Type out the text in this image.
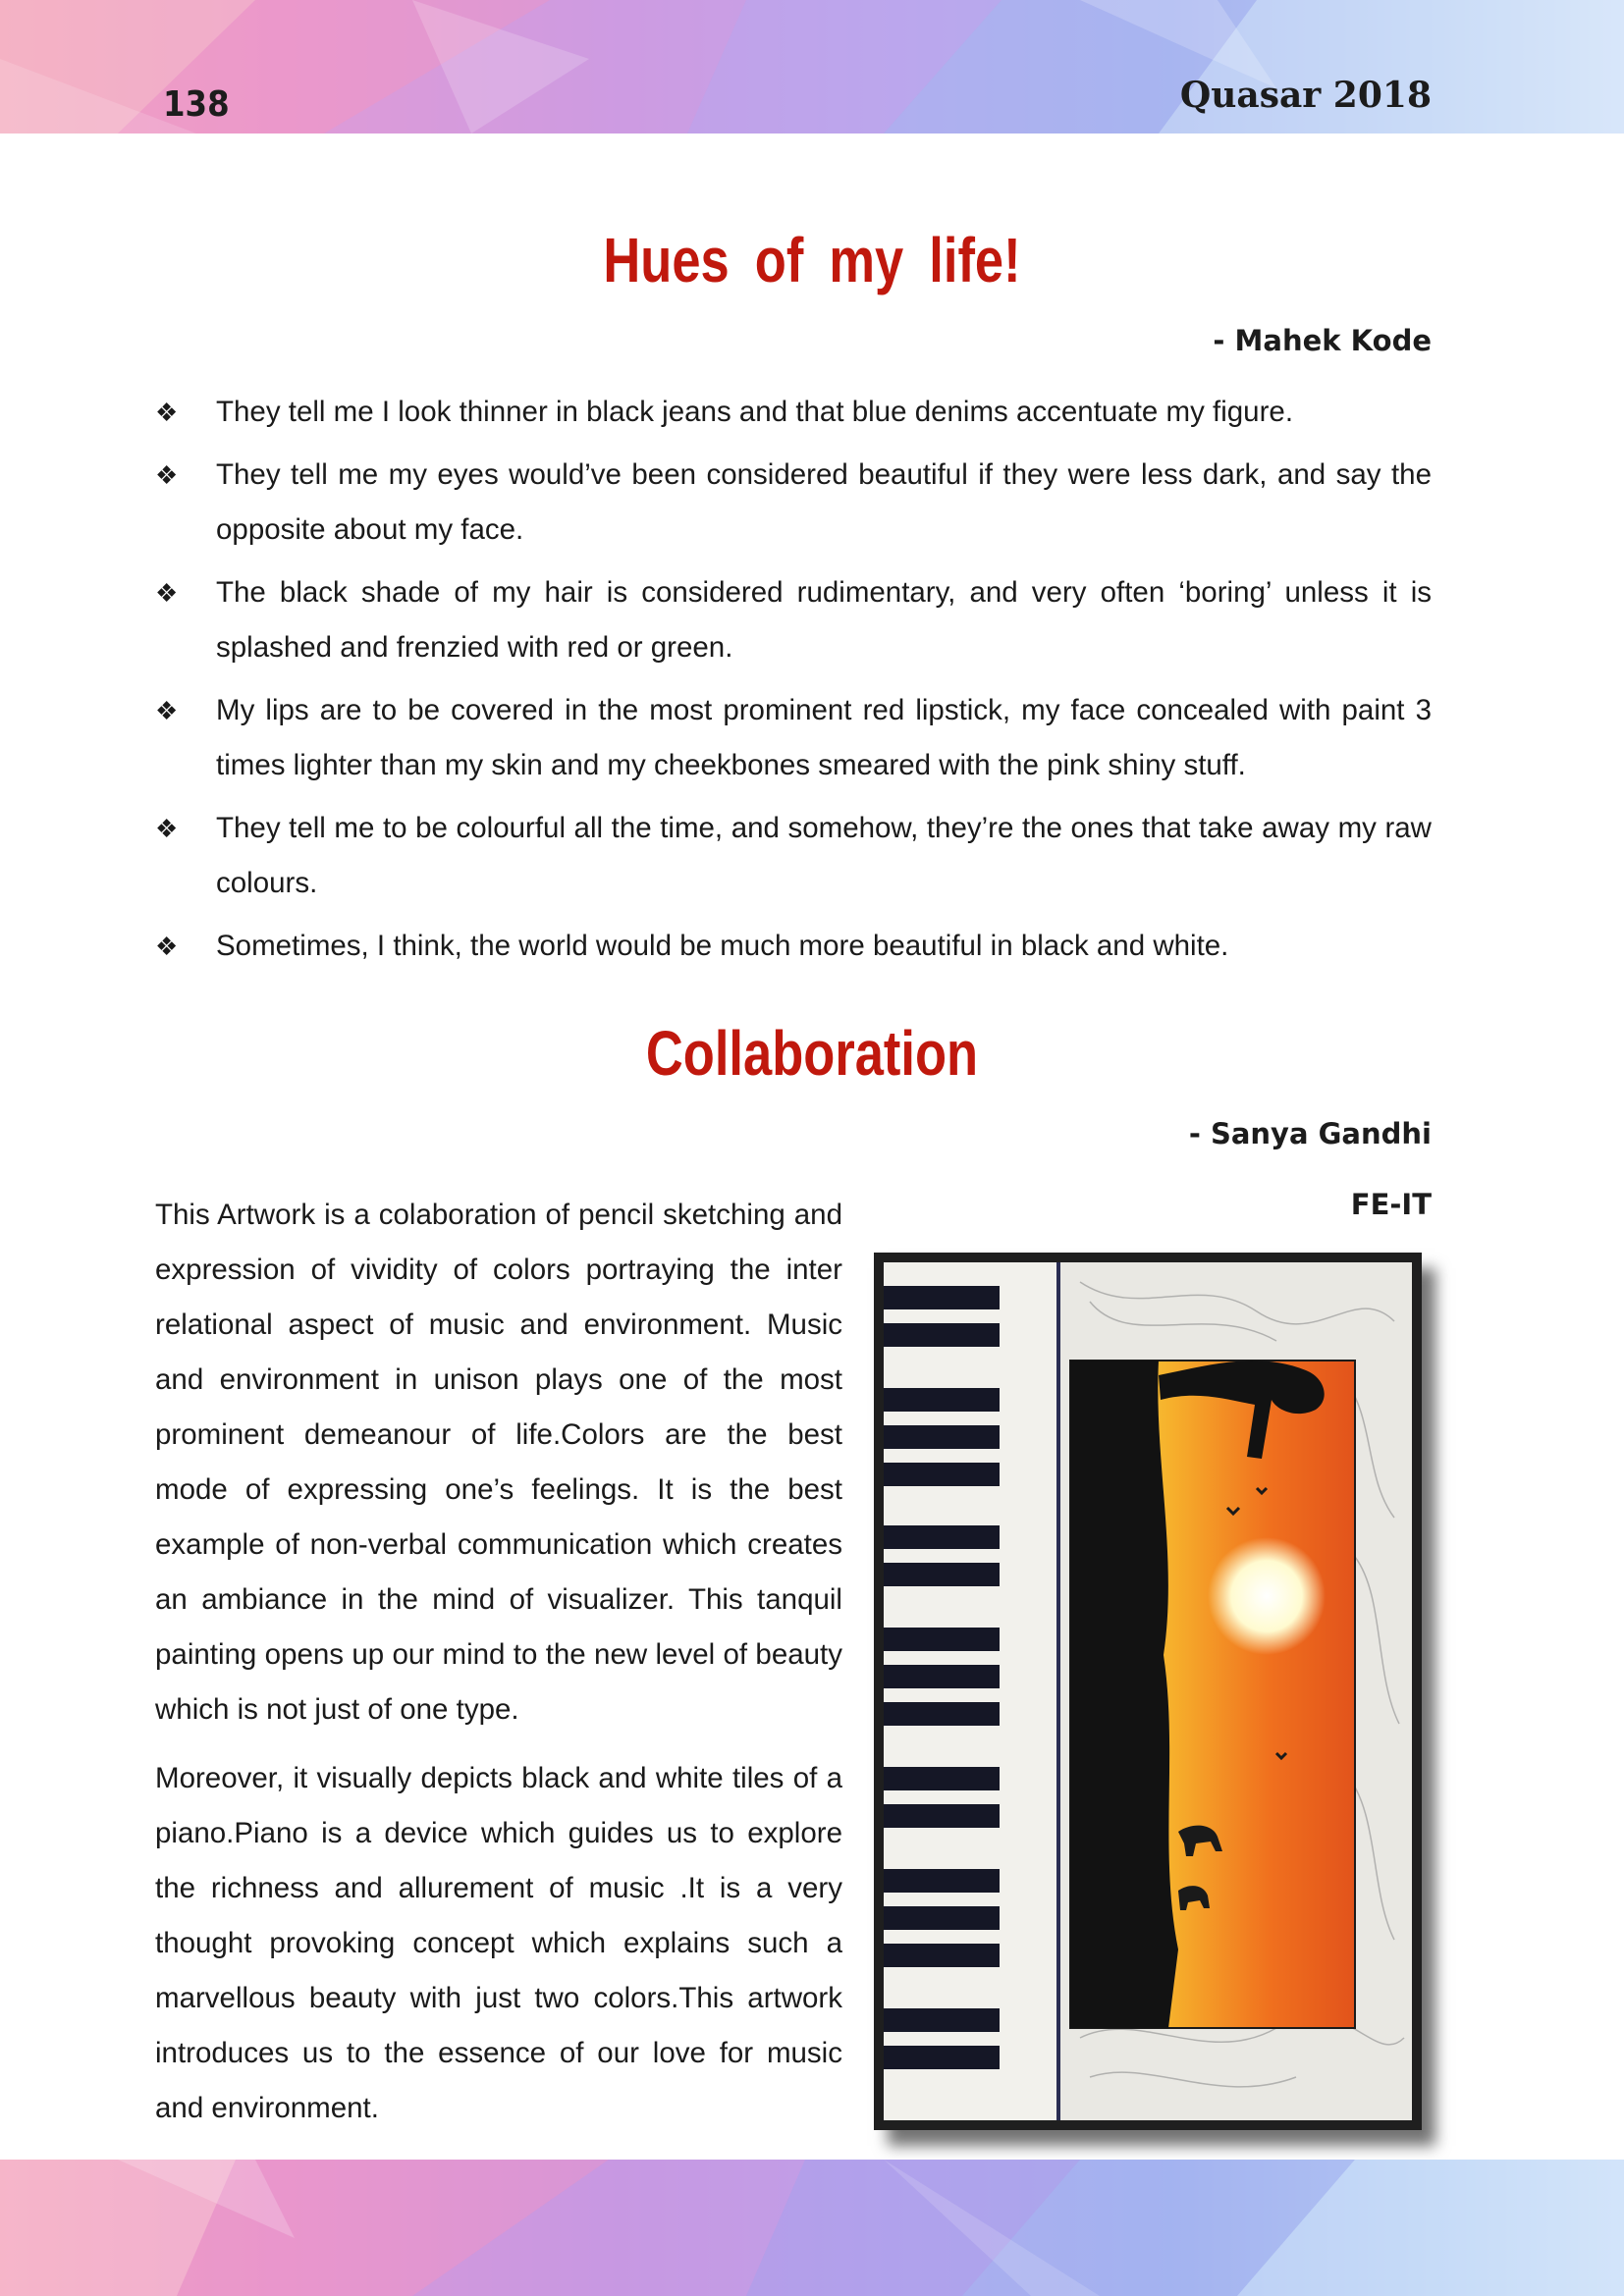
138	Quasar 2018
Hues of my life!
- Mahek Kode
❖ They tell me I look thinner in black jeans and that blue denims accentuate my figure.
❖ They tell me my eyes would’ve been considered beautiful if they were less dark, and say the opposite about my face.
❖ The black shade of my hair is considered rudimentary, and very often ‘boring’ unless it is splashed and frenzied with red or green.
❖ My lips are to be covered in the most prominent red lipstick, my face concealed with paint 3 times lighter than my skin and my cheekbones smeared with the pink shiny stuff.
❖ They tell me to be colourful all the time, and somehow, they’re the ones that take away my raw colours.
❖ Sometimes, I think, the world would be much more beautiful in black and white.
Collaboration
- Sanya Gandhi
FE-IT

This Artwork is a colaboration of pencil sketching and expression of vividity of colors portraying the inter relational aspect of music and environment. Music and environment in unison plays one of the most prominent demeanour of life.Colors are the best mode of expressing one’s feelings. It is the best example of non-verbal communication which creates an ambiance in the mind of visualizer. This tanquil painting opens up our mind to the new level of beauty which is not just of one type.

Moreover, it visually depicts black and white tiles of a piano.Piano is a device which guides us to explore the richness and allurement of music .It is a very thought provoking concept which explains such a marvellous beauty with just two colors.This artwork introduces us to the essence of our love for music and environment.
